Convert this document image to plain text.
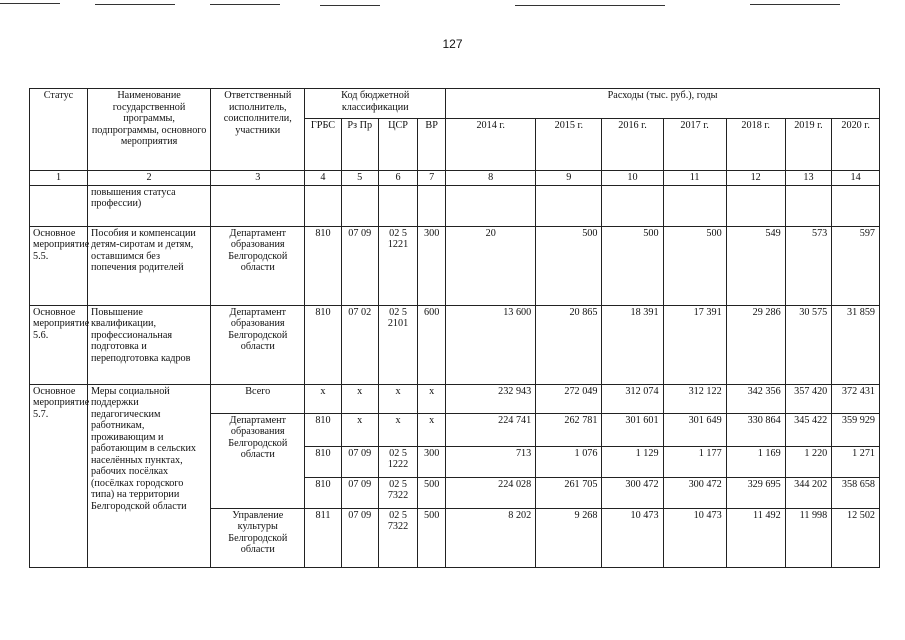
127
Статус	Наименование государственной программы, подпрограммы, основного мероприятия	Ответственный исполнитель, соисполнители, участники	Код бюджетной классификации				Расходы (тыс. руб.), годы						
			ГРБС	Рз Пр	ЦСР	ВР	2014 г.	2015 г.	2016 г.	2017 г.	2018 г.	2019 г.	2020 г.
1	2	3	4	5	6	7	8	9	10	11	12	13	14
	повышения статуса профессии)												
Основное мероприятие 5.5.	Пособия и компенсации детям-сиротам и детям, оставшимся без попечения родителей	Департамент образования Белгородской области	810	07 09	02 5 1221	300	20	500	500	500	549	573	597
Основное мероприятие 5.6.	Повышение квалификации, профессиональная подготовка и переподготовка кадров	Департамент образования Белгородской области	810	07 02	02 5 2101	600	13 600	20 865	18 391	17 391	29 286	30 575	31 859
Основное мероприятие 5.7.	Меры социальной поддержки педагогическим работникам, проживающим и работающим в сельских населённых пунктах, рабочих посёлках (посёлках городского типа) на территории Белгородской области	Всего	x	x	x	x	232 943	272 049	312 074	312 122	342 356	357 420	372 431
		Департамент образования Белгородской области	810	x	x	x	224 741	262 781	301 601	301 649	330 864	345 422	359 929
			810	07 09	02 5 1222	300	713	1 076	1 129	1 177	1 169	1 220	1 271
			810	07 09	02 5 7322	500	224 028	261 705	300 472	300 472	329 695	344 202	358 658
		Управление культуры Белгородской области	811	07 09	02 5 7322	500	8 202	9 268	10 473	10 473	11 492	11 998	12 502
